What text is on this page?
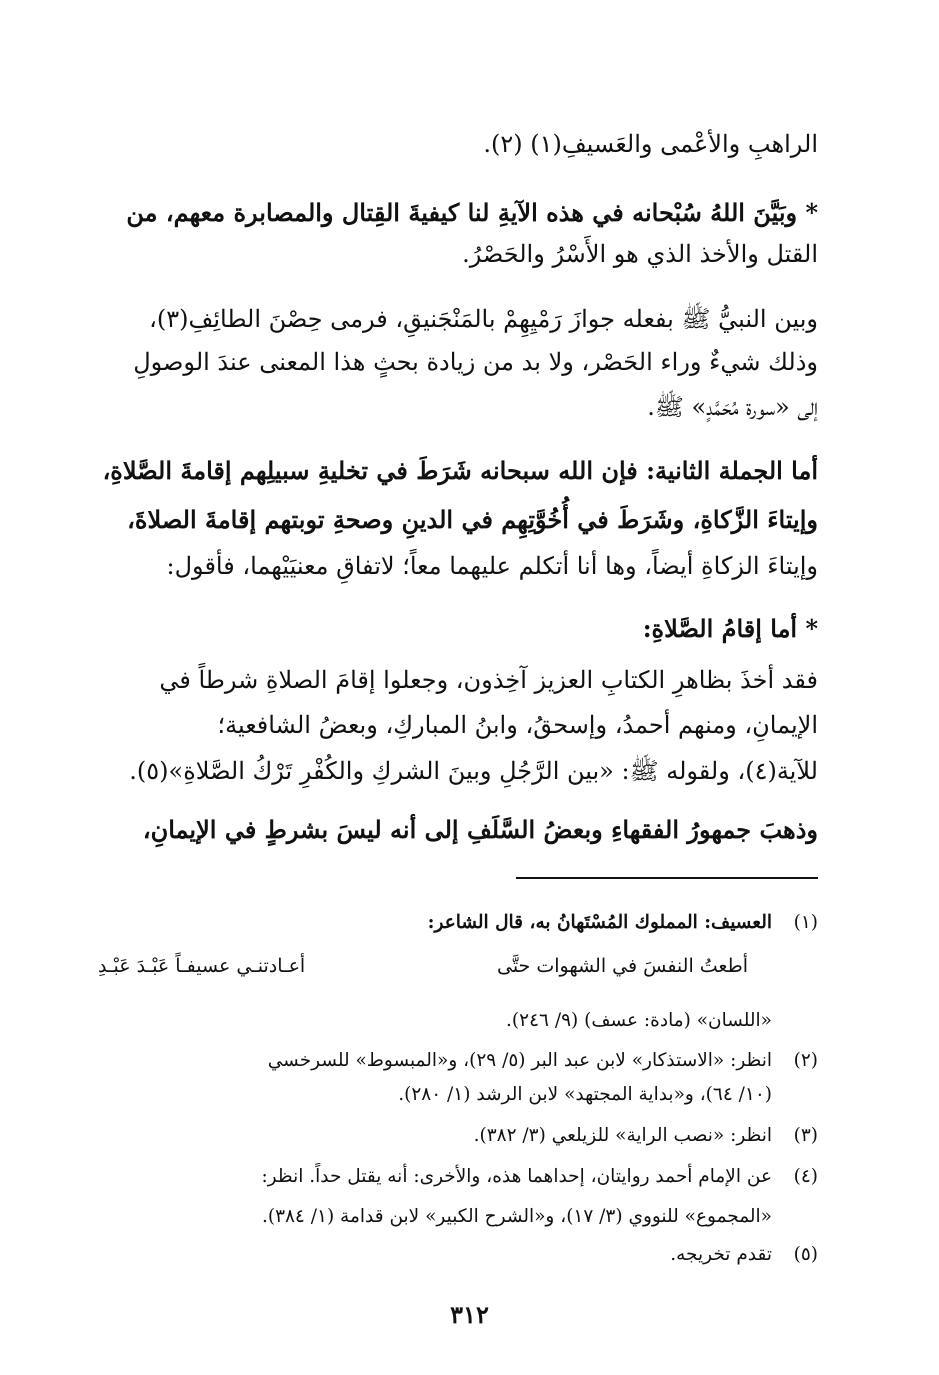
الراهبِ والأعْمى والعَسيفِ(١) (٢).
* وبَيَّنَ اللهُ سُبْحانه في هذه الآيةِ لنا كيفيةَ القِتال والمصابرة معهم، من
القتل والأخذ الذي هو الأَسْرُ والحَصْرُ.
وبين النبيُّ ﷺ بفعله جوازَ رَمْيِهِمْ بالمَنْجَنيقِ، فرمى حِصْنَ الطائِفِ(٣)،
وذلك شيءٌ وراء الحَصْر، ولا بد من زيادة بحثٍ هذا المعنى عندَ الوصولِ
إلى «سورة مُحَمَّدٍ» ﷺ.
أما الجملة الثانية: فإن الله سبحانه شَرَطَ في تخليةِ سبيلِهم إقامةَ الصَّلاةِ،
وإيتاءَ الزَّكاةِ، وشَرَطَ في أُخُوَّتِهِم في الدينِ وصحةِ توبتهم إقامةَ الصلاةَ،
وإيتاءَ الزكاةِ أيضاً، وها أنا أتكلم عليهما معاً؛ لاتفاقِ معنيَيْهما، فأقول:
* أما إقامُ الصَّلاةِ:
فقد أخذَ بظاهرِ الكتابِ العزيز آخِذون، وجعلوا إقامَ الصلاةِ شرطاً في
الإيمانِ، ومنهم أحمدُ، وإسحقُ، وابنُ المباركِ، وبعضُ الشافعية؛
للآية(٤)، ولقوله ﷺ: «بين الرَّجُلِ وبينَ الشركِ والكُفْرِ تَرْكُ الصَّلاةِ»(٥).
وذهبَ جمهورُ الفقهاءِ وبعضُ السَّلَفِ إلى أنه ليسَ بشرطٍ في الإيمانِ،
(١)العسيف: المملوك المُسْتَهانُ به، قال الشاعر:
أطعتُ النفسَ في الشهوات حتَّى
أعـادتنـي عسيفـاً عَبْـدَ عَبْـدِ
«اللسان» (مادة: عسف) (٩/ ٢٤٦).
(٢)انظر: «الاستذكار» لابن عبد البر (٥/ ٢٩)، و«المبسوط» للسرخسي
(١٠/ ٦٤)، و«بداية المجتهد» لابن الرشد (١/ ٢٨٠).
(٣)انظر: «نصب الراية» للزيلعي (٣/ ٣٨٢).
(٤)عن الإمام أحمد روايتان، إحداهما هذه، والأخرى: أنه يقتل حداً. انظر:
«المجموع» للنووي (٣/ ١٧)، و«الشرح الكبير» لابن قدامة (١/ ٣٨٤).
(٥)تقدم تخريجه.
٣١٢
